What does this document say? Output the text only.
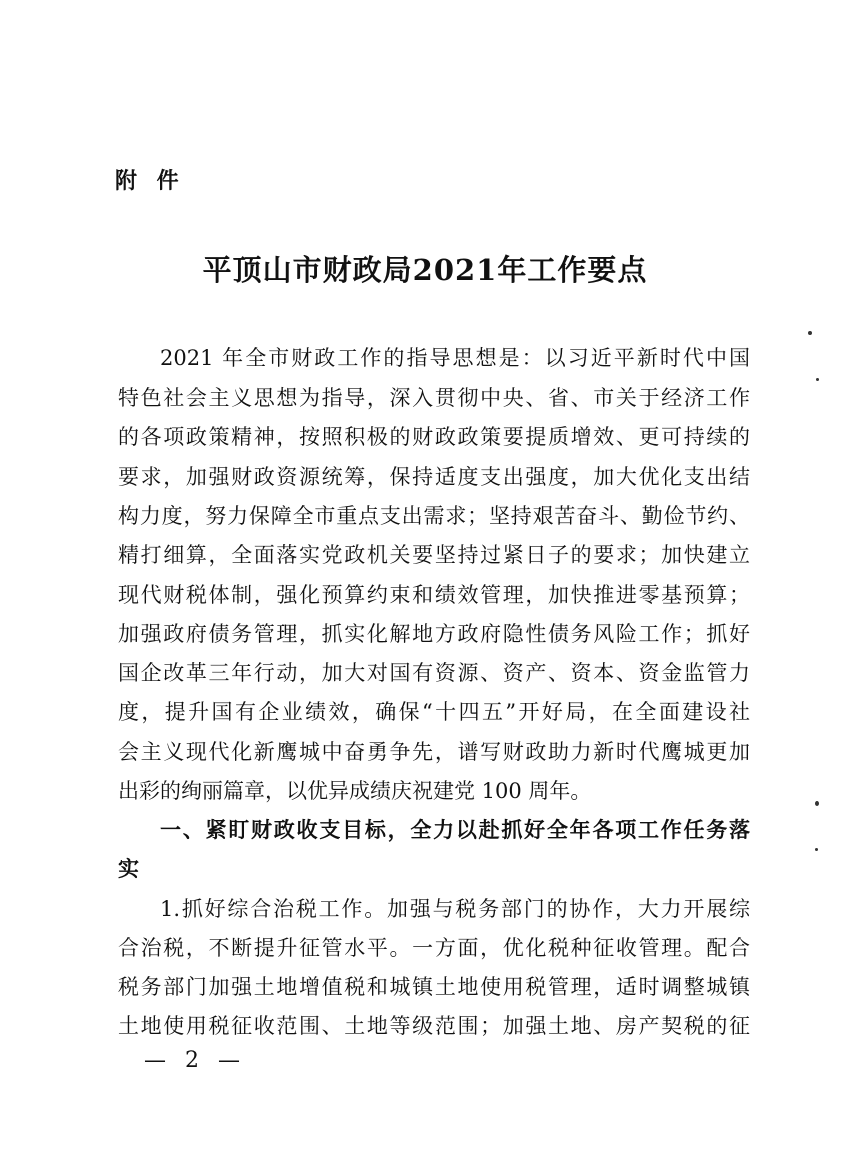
附 件
平顶山市财政局2021年工作要点
2021 年全市财政工作的指导思想是：以习近平新时代中国
特色社会主义思想为指导，深入贯彻中央、省、市关于经济工作
的各项政策精神，按照积极的财政政策要提质增效、更可持续的
要求，加强财政资源统筹，保持适度支出强度，加大优化支出结
构力度，努力保障全市重点支出需求；坚持艰苦奋斗、勤俭节约、
精打细算，全面落实党政机关要坚持过紧日子的要求；加快建立
现代财税体制，强化预算约束和绩效管理，加快推进零基预算；
加强政府债务管理，抓实化解地方政府隐性债务风险工作；抓好
国企改革三年行动，加大对国有资源、资产、资本、资金监管力
度，提升国有企业绩效，确保“十四五”开好局，在全面建设社
会主义现代化新鹰城中奋勇争先，谱写财政助力新时代鹰城更加
出彩的绚丽篇章，以优异成绩庆祝建党 100 周年。
一、紧盯财政收支目标，全力以赴抓好全年各项工作任务落
实
1.抓好综合治税工作。加强与税务部门的协作，大力开展综
合治税，不断提升征管水平。一方面，优化税种征收管理。配合
税务部门加强土地增值税和城镇土地使用税管理，适时调整城镇
土地使用税征收范围、土地等级范围；加强土地、房产契税的征
— 2 —
